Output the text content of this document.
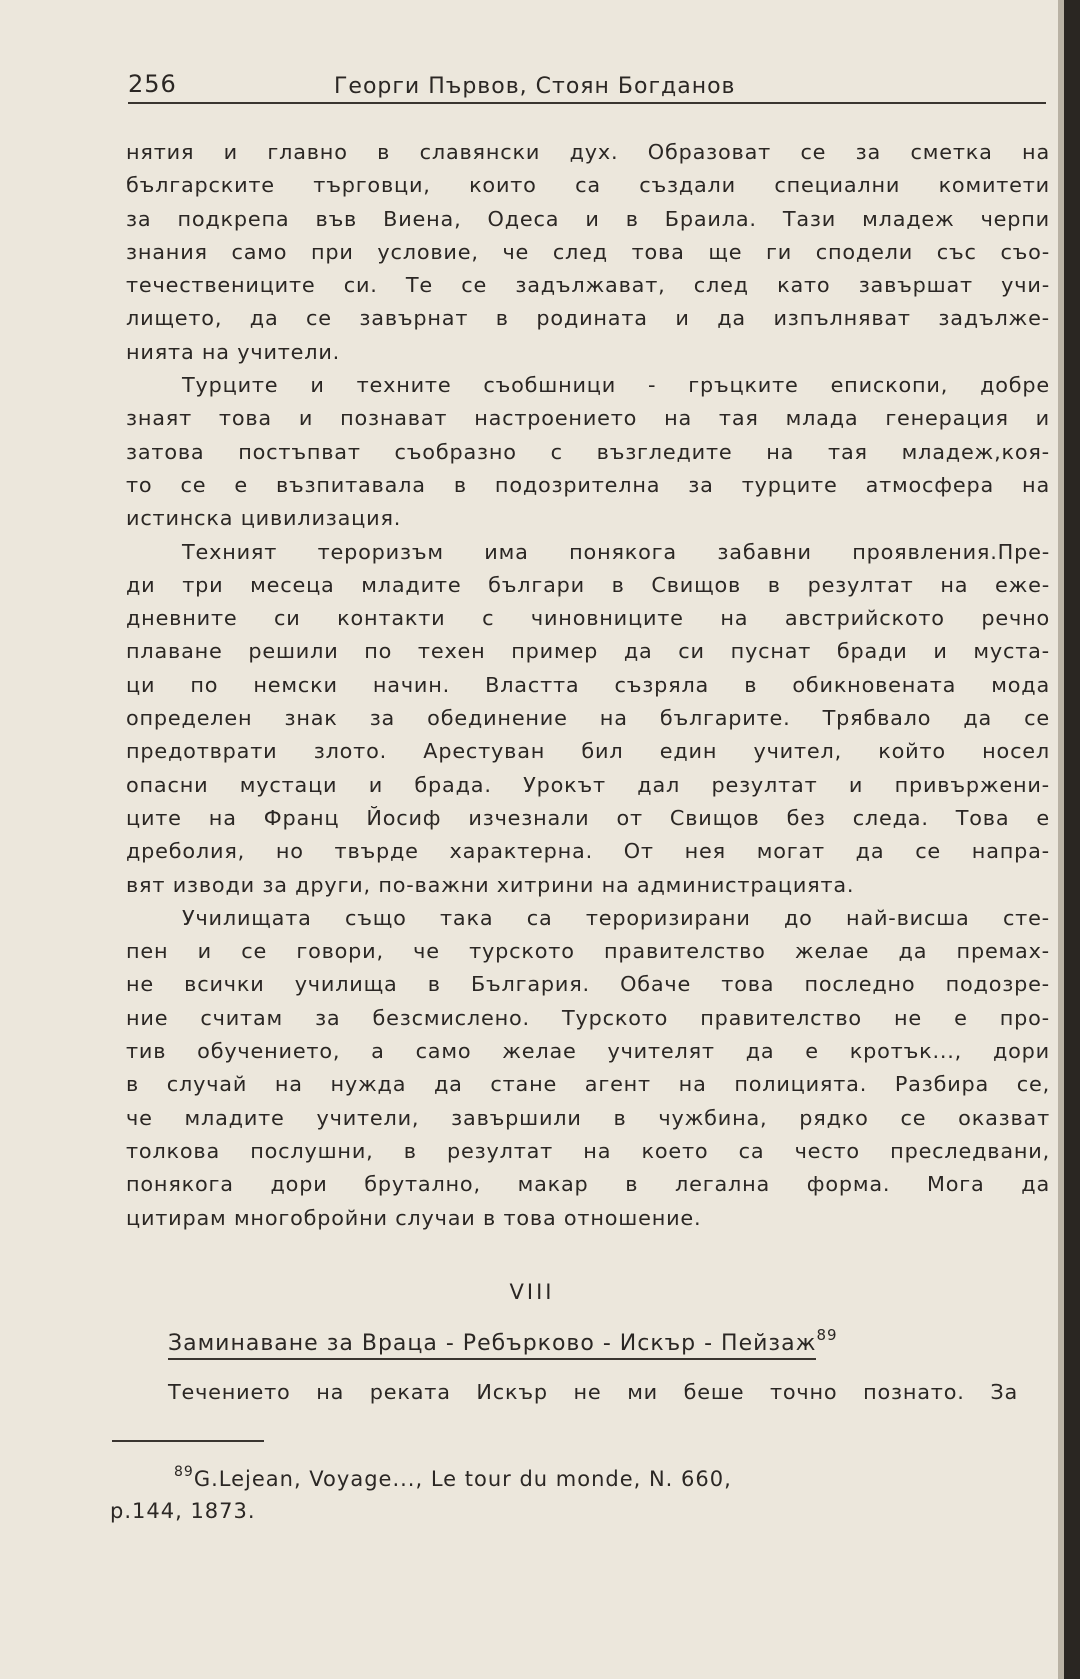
256	Георги Първов, Стоян Богданов
нятия и главно в славянски дух. Образоват се за сметка на
българските търговци, които са създали специални комитети
за подкрепа във Виена, Одеса и в Браила. Тази младеж черпи
знания само при условие, че след това ще ги сподели със съо-
течествениците си. Те се задължават, след като завършат учи-
лището, да се завърнат в родината и да изпълняват задълже-
нията на учители.
Турците и техните съобшници - гръцките епископи, добре
знаят това и познават настроението на тая млада генерация и
затова постъпват съобразно с възгледите на тая младеж,коя-
то се е възпитавала в подозрителна за турците атмосфера на
истинска цивилизация.
Техният тероризъм има понякога забавни проявления.Пре-
ди три месеца младите българи в Свищов в резултат на еже-
дневните си контакти с чиновниците на австрийското речно
плаване решили по техен пример да си пуснат бради и муста-
ци по немски начин. Властта съзряла в обикновената мода
определен знак за обединение на българите. Трябвало да се
предотврати злото. Арестуван бил един учител, който носел
опасни мустаци и брада. Урокът дал резултат и привържени-
ците на Франц Йосиф изчезнали от Свищов без следа. Това е
дреболия, но твърде характерна. От нея могат да се напра-
вят изводи за други, по-важни хитрини на администрацията.
Училищата също така са тероризирани до най-висша сте-
пен и се говори, че турското правителство желае да премах-
не всички училища в България. Обаче това последно подозре-
ние считам за безсмислено. Турското правителство не е про-
тив обучението, а само желае учителят да е кротък..., дори
в случай на нужда да стане агент на полицията. Разбира се,
че младите учители, завършили в чужбина, рядко се оказват
толкова послушни, в резултат на което са често преследвани,
понякога дори брутално, макар в легална форма. Мога да
цитирам многобройни случаи в това отношение.
VIII
Заминаване за Враца - Ребърково - Искър - Пейзаж$^{89}$
Течението на реката Искър не ми беше точно познато. За
$^{89}$G.Lejean, Voyage..., Le tour du monde, N. 660,
p.144, 1873.
